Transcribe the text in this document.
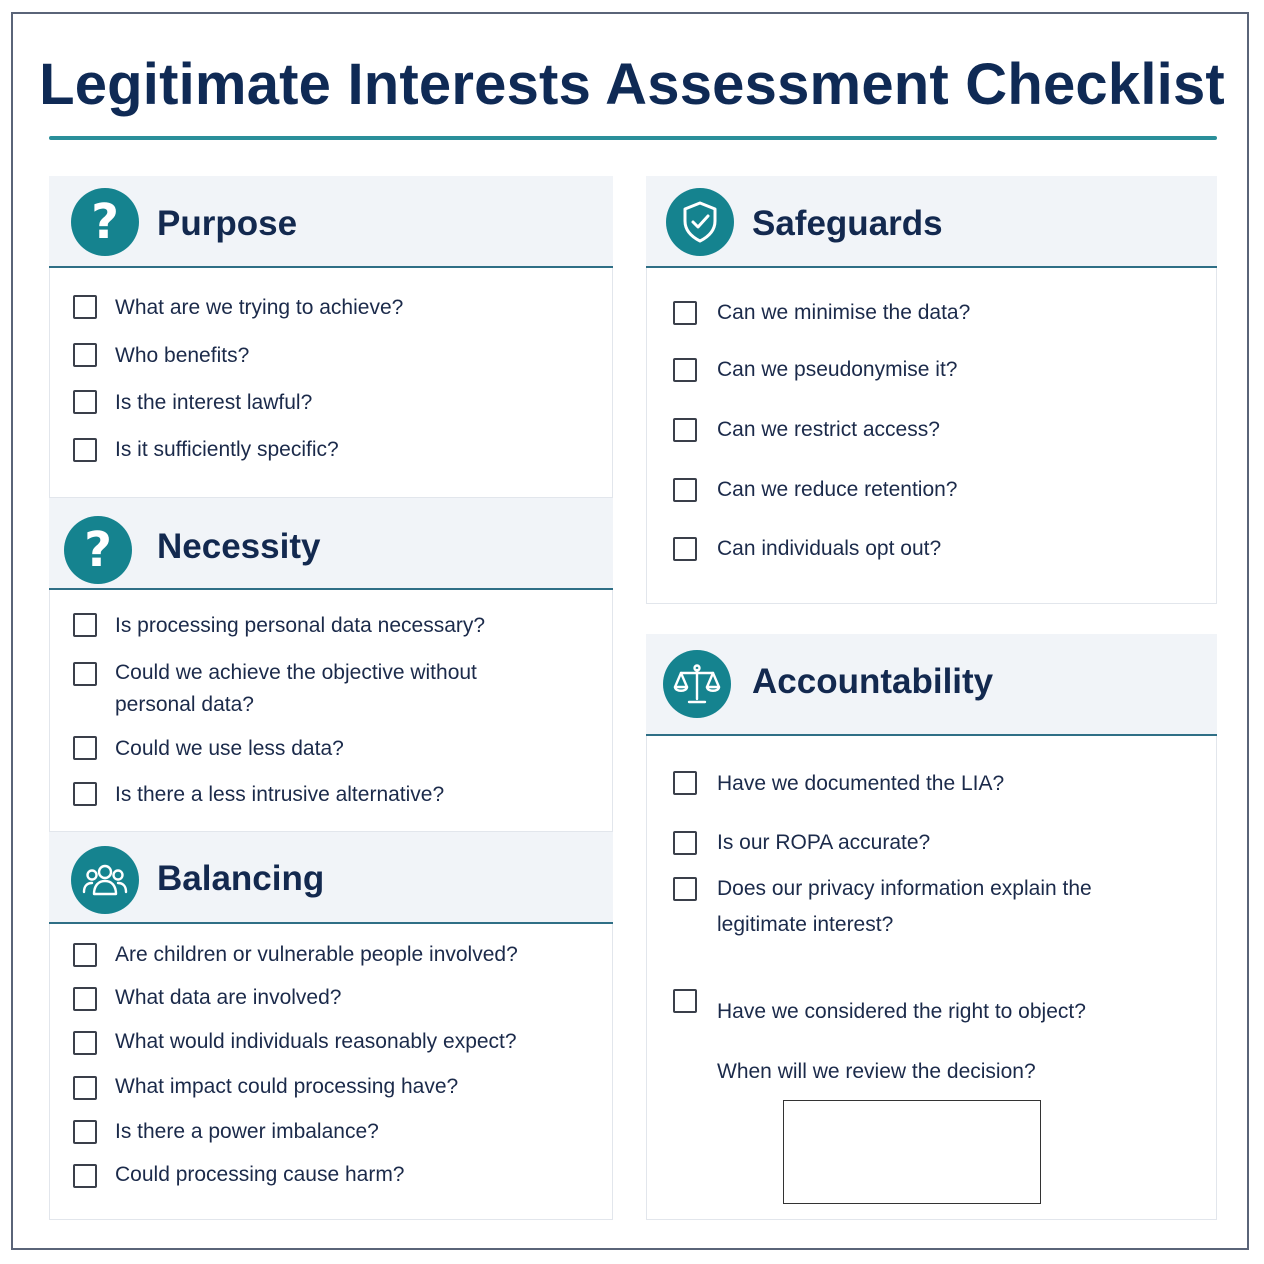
Legitimate Interests Assessment Checklist
? Purpose
What are we trying to achieve?
Who benefits?
Is the interest lawful?
Is it sufficiently specific?
? Necessity
Is processing personal data necessary?
Could we achieve the objective without
personal data?
Could we use less data?
Is there a less intrusive alternative?
Balancing
Are children or vulnerable people involved?
What data are involved?
What would individuals reasonably expect?
What impact could processing have?
Is there a power imbalance?
Could processing cause harm?
Safeguards
Can we minimise the data?
Can we pseudonymise it?
Can we restrict access?
Can we reduce retention?
Can individuals opt out?
Accountability
Have we documented the LIA?
Is our ROPA accurate?
Does our privacy information explain the
legitimate interest?
Have we considered the right to object?
When will we review the decision?
